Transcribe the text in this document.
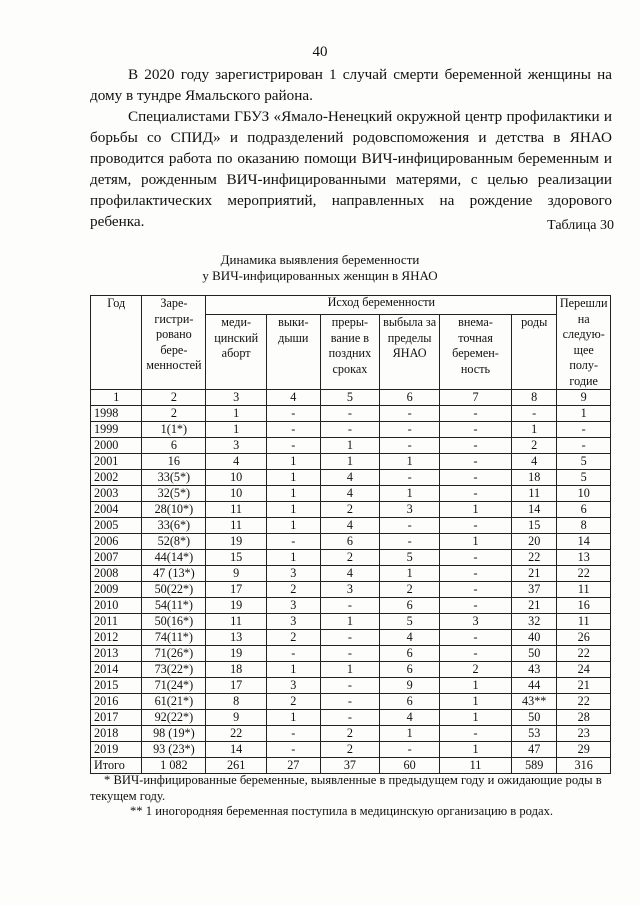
40

В 2020 году зарегистрирован 1 случай смерти беременной женщины на дому в тундре Ямальского района.

Специалистами ГБУЗ «Ямало-Ненецкий окружной центр профилактики и борьбы со СПИД» и подразделений родовспоможения и детства в ЯНАО проводится работа по оказанию помощи ВИЧ-инфицированным беременным и детям, рожденным ВИЧ-инфицированными матерями, с целью реализации профилактических мероприятий, направленных на рождение здорового ребенка.	Таблица 30
Динамика выявления беременности
у ВИЧ-инфицированных женщин в ЯНАО
Год	Заре-гистри-ровано бере-менностей	Исход беременности						Перешли на следую-щее полу-годие
		меди-цинский аборт	выки-дыши	преры-вание в поздних сроках	выбыла за пределы ЯНАО	внема-точная беремен-ность	роды	
1	2	3	4	5	6	7	8	9
1998	2	1	-	-	-	-	-	1
1999	1(1*)	1	-	-	-	-	1	-
2000	6	3	-	1	-	-	2	-
2001	16	4	1	1	1	-	4	5
2002	33(5*)	10	1	4	-	-	18	5
2003	32(5*)	10	1	4	1	-	11	10
2004	28(10*)	11	1	2	3	1	14	6
2005	33(6*)	11	1	4	-	-	15	8
2006	52(8*)	19	-	6	-	1	20	14
2007	44(14*)	15	1	2	5	-	22	13
2008	47 (13*)	9	3	4	1	-	21	22
2009	50(22*)	17	2	3	2	-	37	11
2010	54(11*)	19	3	-	6	-	21	16
2011	50(16*)	11	3	1	5	3	32	11
2012	74(11*)	13	2	-	4	-	40	26
2013	71(26*)	19	-	-	6	-	50	22
2014	73(22*)	18	1	1	6	2	43	24
2015	71(24*)	17	3	-	9	1	44	21
2016	61(21*)	8	2	-	6	1	43**	22
2017	92(22*)	9	1	-	4	1	50	28
2018	98 (19*)	22	-	2	1	-	53	23
2019	93 (23*)	14	-	2	-	1	47	29
Итого	1 082	261	27	37	60	11	589	316

* ВИЧ-инфицированные беременные, выявленные в предыдущем году и ожидающие роды в текущем году.

** 1 иногородняя беременная поступила в медицинскую организацию в родах.
